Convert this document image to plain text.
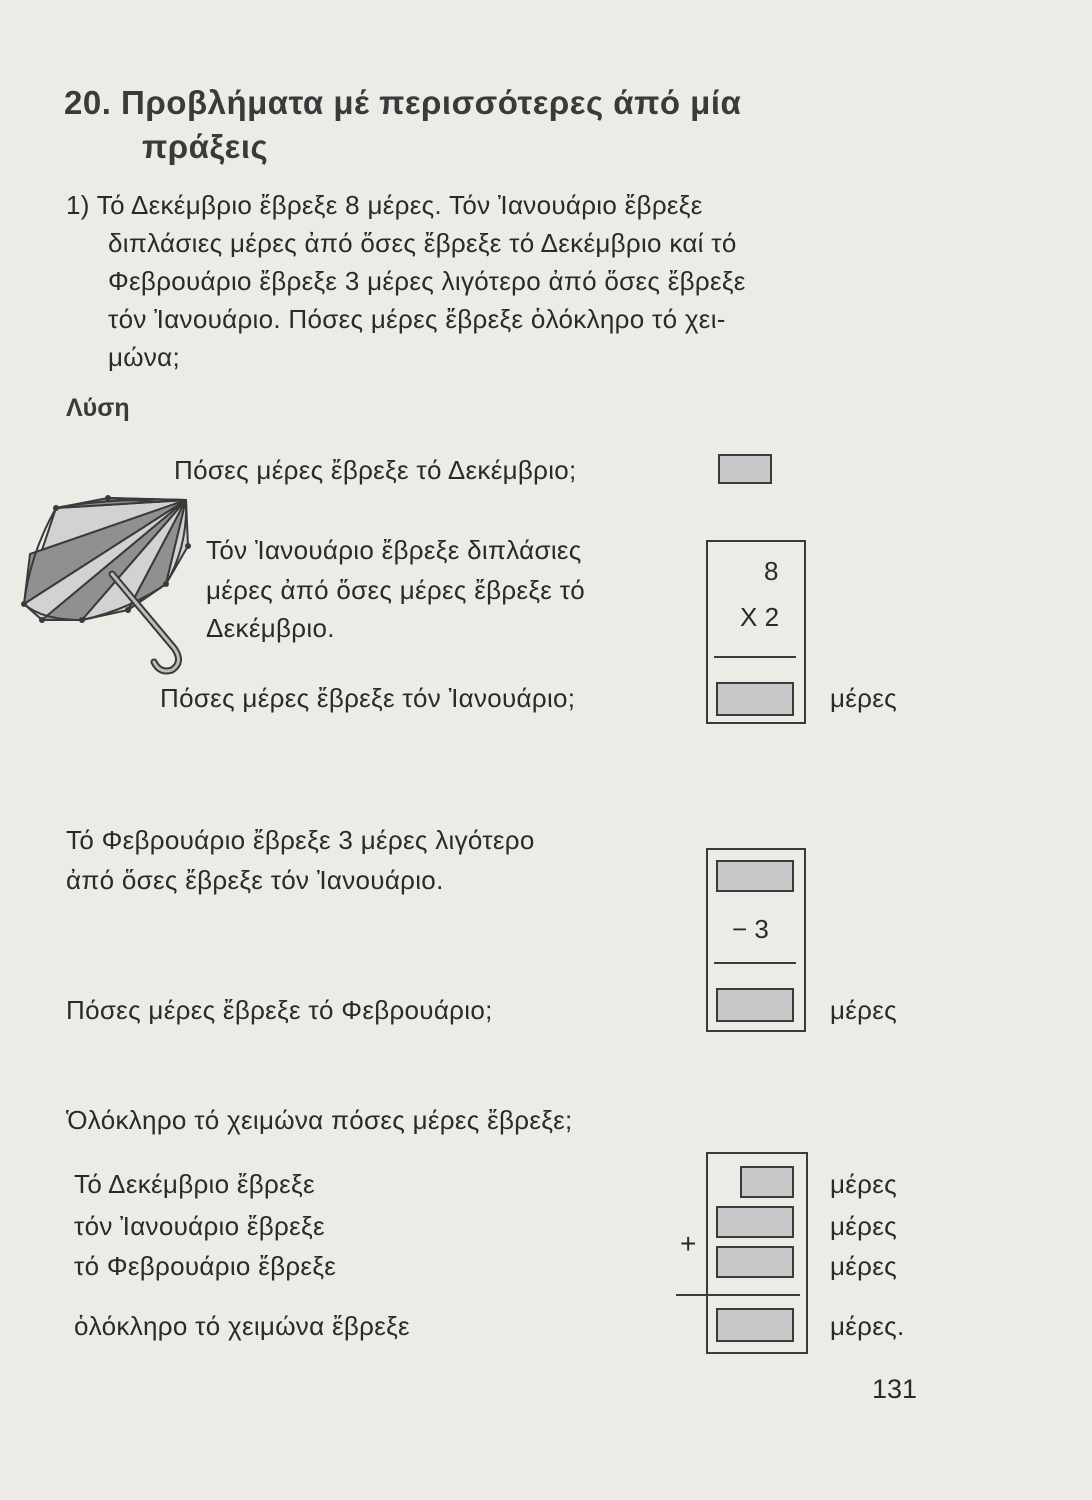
20. Προβλήματα μέ περισσότερες άπό μία
πράξεις
1) Τό Δεκέμβριο ἔβρεξε 8 μέρες. Τόν Ἰανουάριο ἔβρεξε
διπλάσιες μέρες ἀπό ὅσες ἔβρεξε τό Δεκέμβριο καί τό
Φεβρουάριο ἔβρεξε 3 μέρες λιγότερο ἀπό ὅσες ἔβρεξε
τόν Ἰανουάριο. Πόσες μέρες ἔβρεξε ὁλόκληρο τό χει-
μώνα;
Λύση
Πόσες μέρες ἔβρεξε τό Δεκέμβριο;
Τόν Ἰανουάριο ἔβρεξε διπλάσιες
μέρες ἀπό ὅσες μέρες ἔβρεξε τό
Δεκέμβριο.
8
X 2
Πόσες μέρες ἔβρεξε τόν Ἰανουάριο;	μέρες
Τό Φεβρουάριο ἔβρεξε 3 μέρες λιγότερο
ἀπό ὅσες ἔβρεξε τόν Ἰανουάριο.
− 3
Πόσες μέρες ἔβρεξε τό Φεβρουάριο;	μέρες
Ὁλόκληρο τό χειμώνα πόσες μέρες ἔβρεξε;
Τό Δεκέμβριο ἔβρεξε
τόν Ἰανουάριο ἔβρεξε
τό Φεβρουάριο ἔβρεξε
ὁλόκληρο τό χειμώνα ἔβρεξε
+
μέρες
μέρες
μέρες
μέρες.
131
